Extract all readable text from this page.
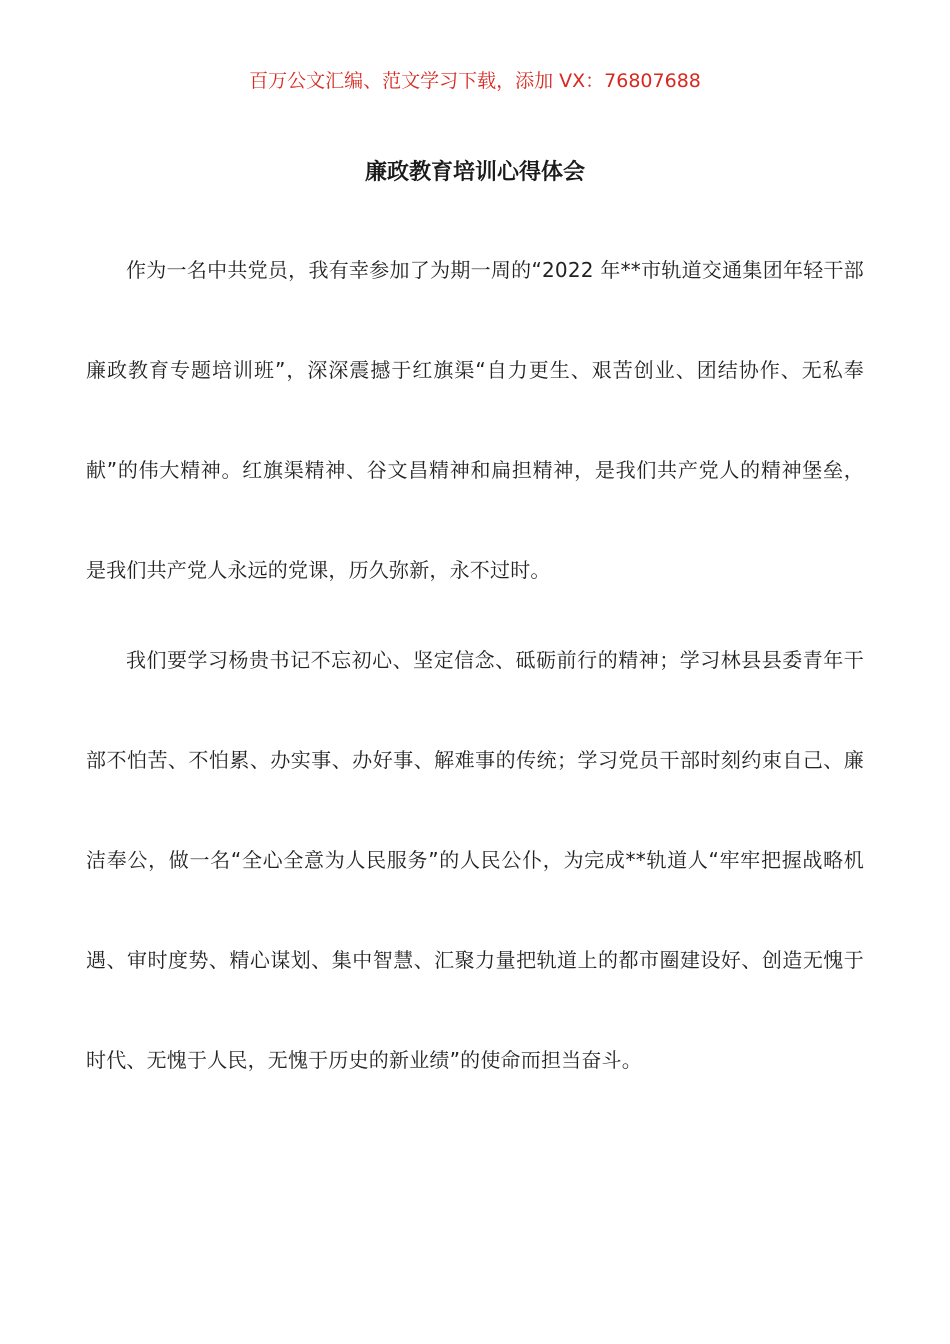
百万公文汇编、范文学习下载，添加 VX：76807688
廉政教育培训心得体会

作为一名中共党员，我有幸参加了为期一周的“2022 年**市轨道交通集团年轻干部廉政教育专题培训班”，深深震撼于红旗渠“自力更生、艰苦创业、团结协作、无私奉献”的伟大精神。红旗渠精神、谷文昌精神和扁担精神，是我们共产党人的精神堡垒，是我们共产党人永远的党课，历久弥新，永不过时。

我们要学习杨贵书记不忘初心、坚定信念、砥砺前行的精神；学习林县县委青年干部不怕苦、不怕累、办实事、办好事、解难事的传统；学习党员干部时刻约束自己、廉洁奉公，做一名“全心全意为人民服务”的人民公仆，为完成**轨道人“牢牢把握战略机遇、审时度势、精心谋划、集中智慧、汇聚力量把轨道上的都市圈建设好、创造无愧于时代、无愧于人民，无愧于历史的新业绩”的使命而担当奋斗。
